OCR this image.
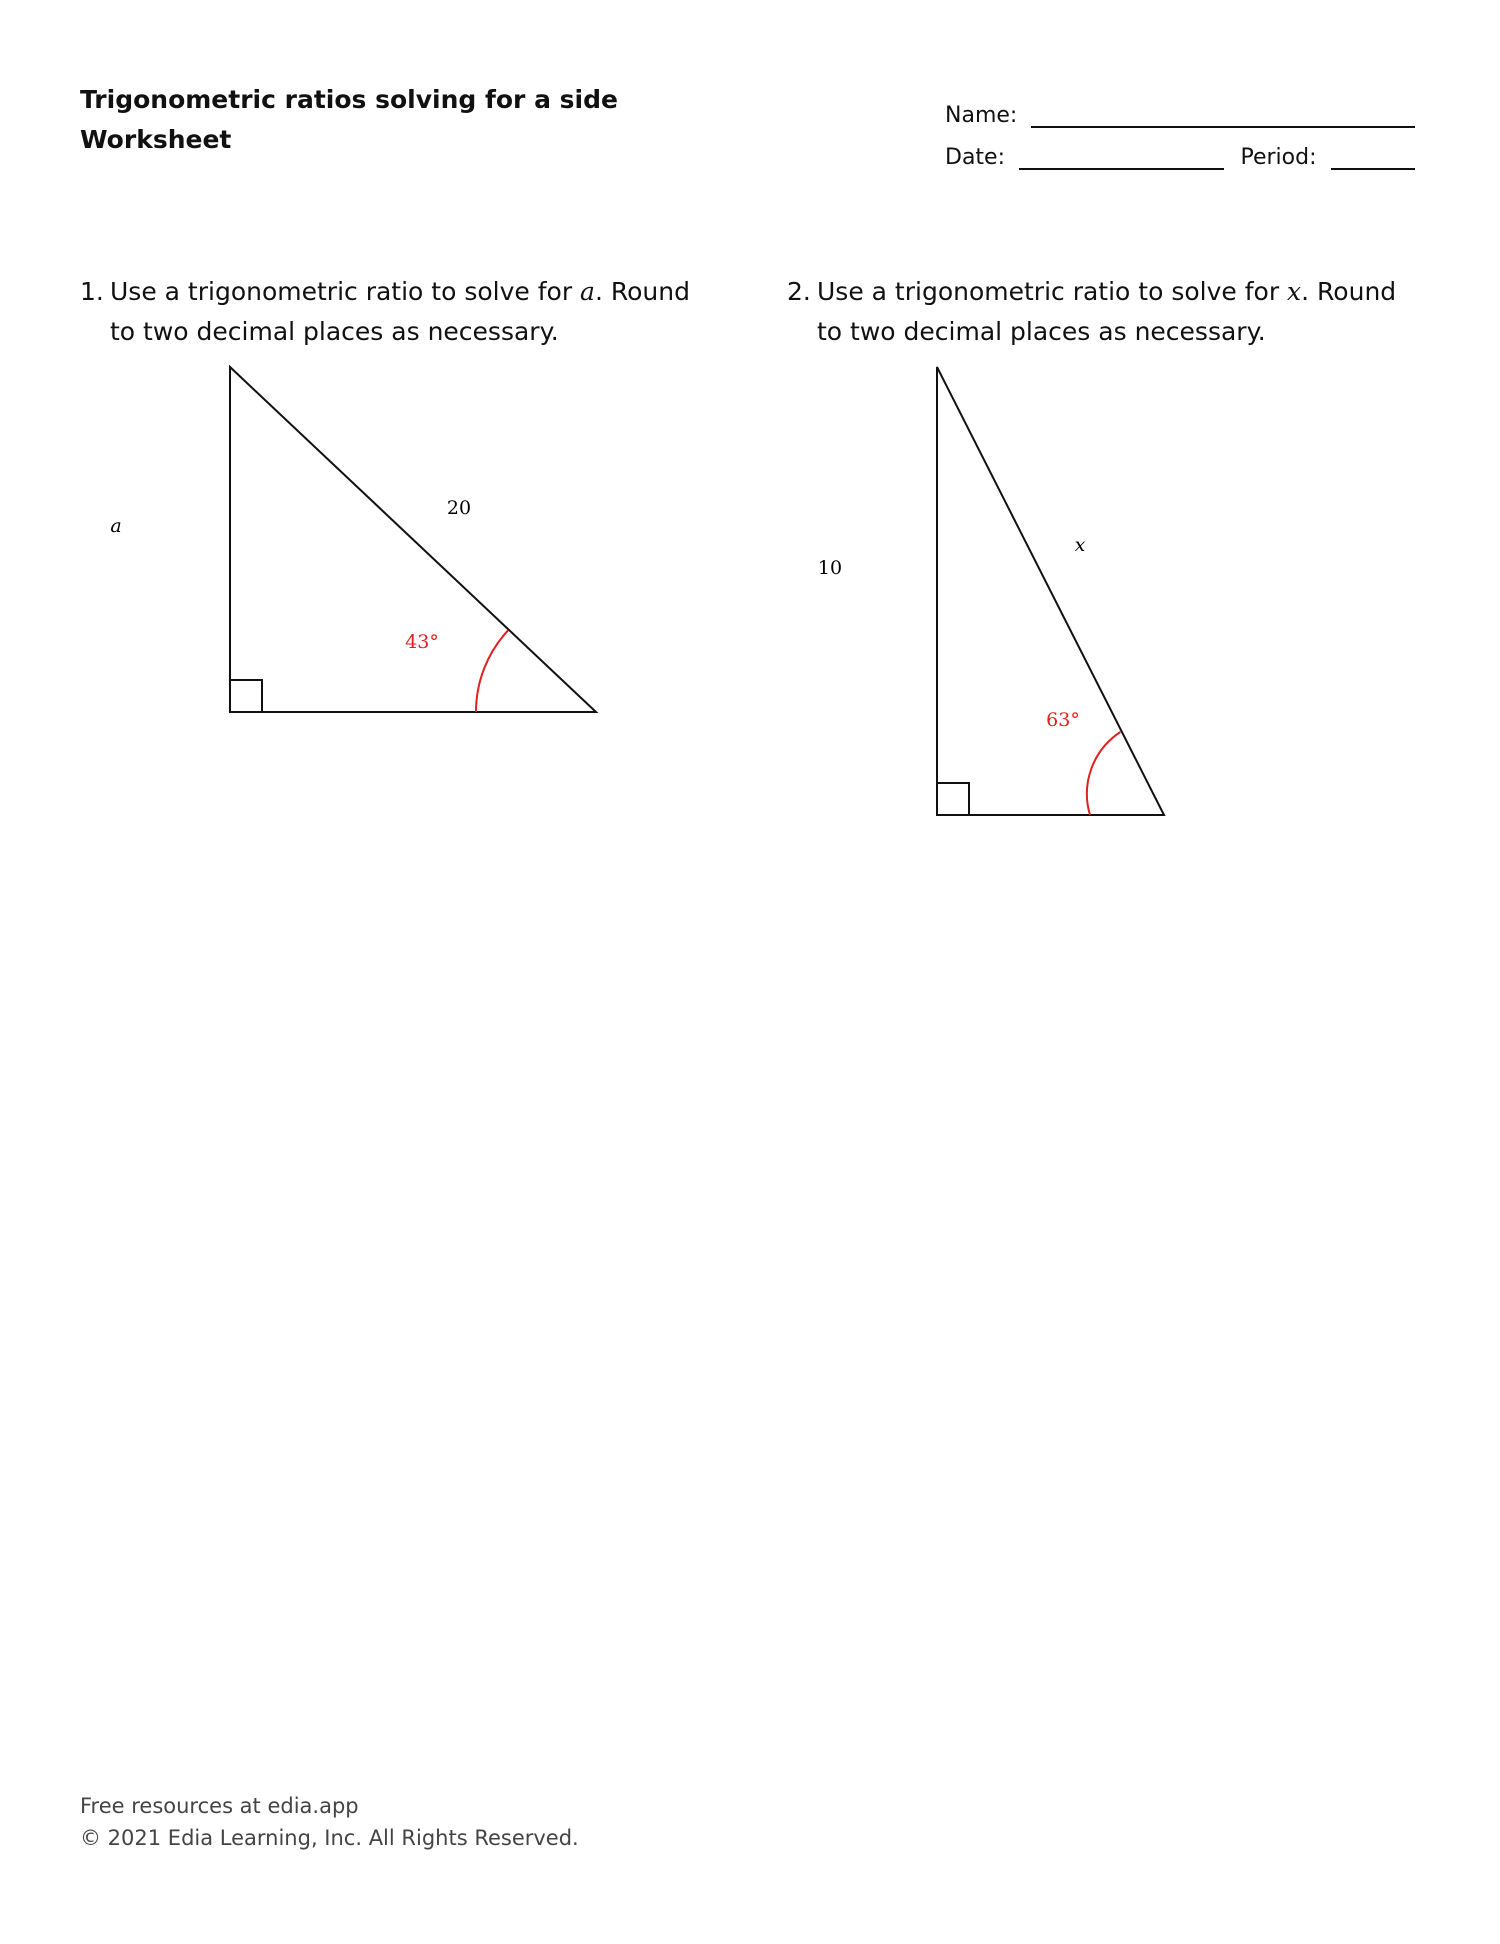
Trigonometric ratios solving for a side
Worksheet
Name:
Date:	Period:
1. Use a trigonometric ratio to solve for a. Round to two decimal places as necessary.
a
20
43°
2. Use a trigonometric ratio to solve for x. Round to two decimal places as necessary.
10
x
63°
Free resources at edia.app
© 2021 Edia Learning, Inc. All Rights Reserved.
